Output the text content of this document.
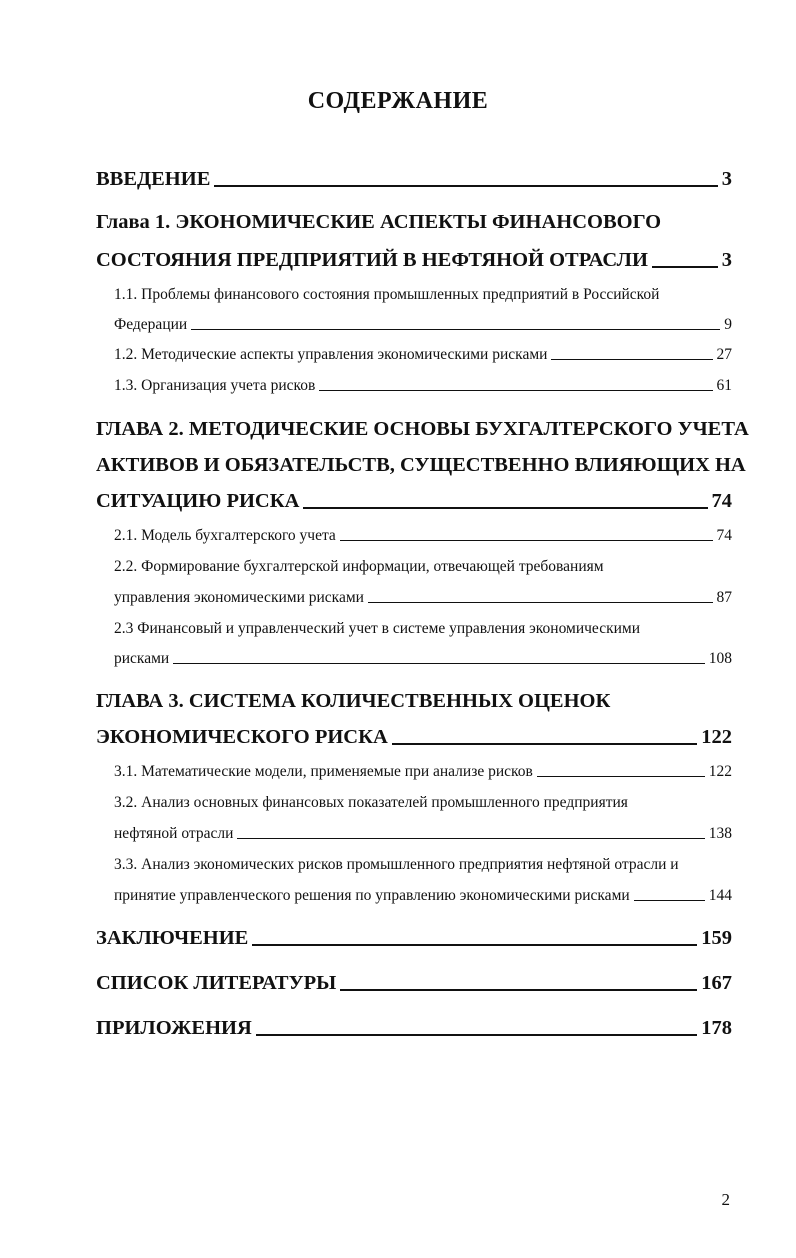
СОДЕРЖАНИЕ
ВВЕДЕНИЕ	3
Глава 1. ЭКОНОМИЧЕСКИЕ АСПЕКТЫ ФИНАНСОВОГО
СОСТОЯНИЯ ПРЕДПРИЯТИЙ В НЕФТЯНОЙ ОТРАСЛИ	3
1.1. Проблемы финансового состояния промышленных предприятий в Российской
Федерации	9
1.2. Методические аспекты управления экономическими рисками	27
1.3. Организация учета рисков	61
ГЛАВА 2. МЕТОДИЧЕСКИЕ ОСНОВЫ БУХГАЛТЕРСКОГО УЧЕТА
АКТИВОВ И ОБЯЗАТЕЛЬСТВ, СУЩЕСТВЕННО ВЛИЯЮЩИХ НА
СИТУАЦИЮ РИСКА	74
2.1. Модель бухгалтерского учета	74
2.2. Формирование бухгалтерской информации, отвечающей требованиям
управления экономическими рисками	87
2.3 Финансовый и управленческий учет в системе управления экономическими
рисками	108
ГЛАВА 3. СИСТЕМА КОЛИЧЕСТВЕННЫХ ОЦЕНОК
ЭКОНОМИЧЕСКОГО РИСКА	122
3.1. Математические модели, применяемые при анализе рисков	122
3.2. Анализ основных финансовых показателей промышленного предприятия
нефтяной отрасли	138
3.3. Анализ экономических рисков промышленного предприятия нефтяной отрасли и
принятие управленческого решения по управлению экономическими рисками	144
ЗАКЛЮЧЕНИЕ	159
СПИСОК ЛИТЕРАТУРЫ	167
ПРИЛОЖЕНИЯ	178
2
